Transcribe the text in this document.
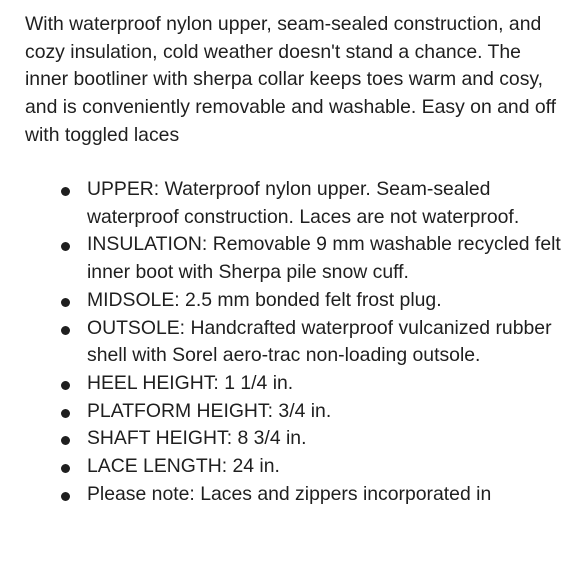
With waterproof nylon upper, seam-sealed construction, and cozy insulation, cold weather doesn't stand a chance. The inner bootliner with sherpa collar keeps toes warm and cosy, and is conveniently removable and washable. Easy on and off with toggled laces

UPPER: Waterproof nylon upper. Seam-sealed waterproof construction. Laces are not waterproof.
INSULATION: Removable 9 mm washable recycled felt inner boot with Sherpa pile snow cuff.
MIDSOLE: 2.5 mm bonded felt frost plug.
OUTSOLE: Handcrafted waterproof vulcanized rubber shell with Sorel aero-trac non-loading outsole.
HEEL HEIGHT: 1 1/4 in.
PLATFORM HEIGHT: 3/4 in.
SHAFT HEIGHT: 8 3/4 in.
LACE LENGTH: 24 in.
Please note: Laces and zippers incorporated in
